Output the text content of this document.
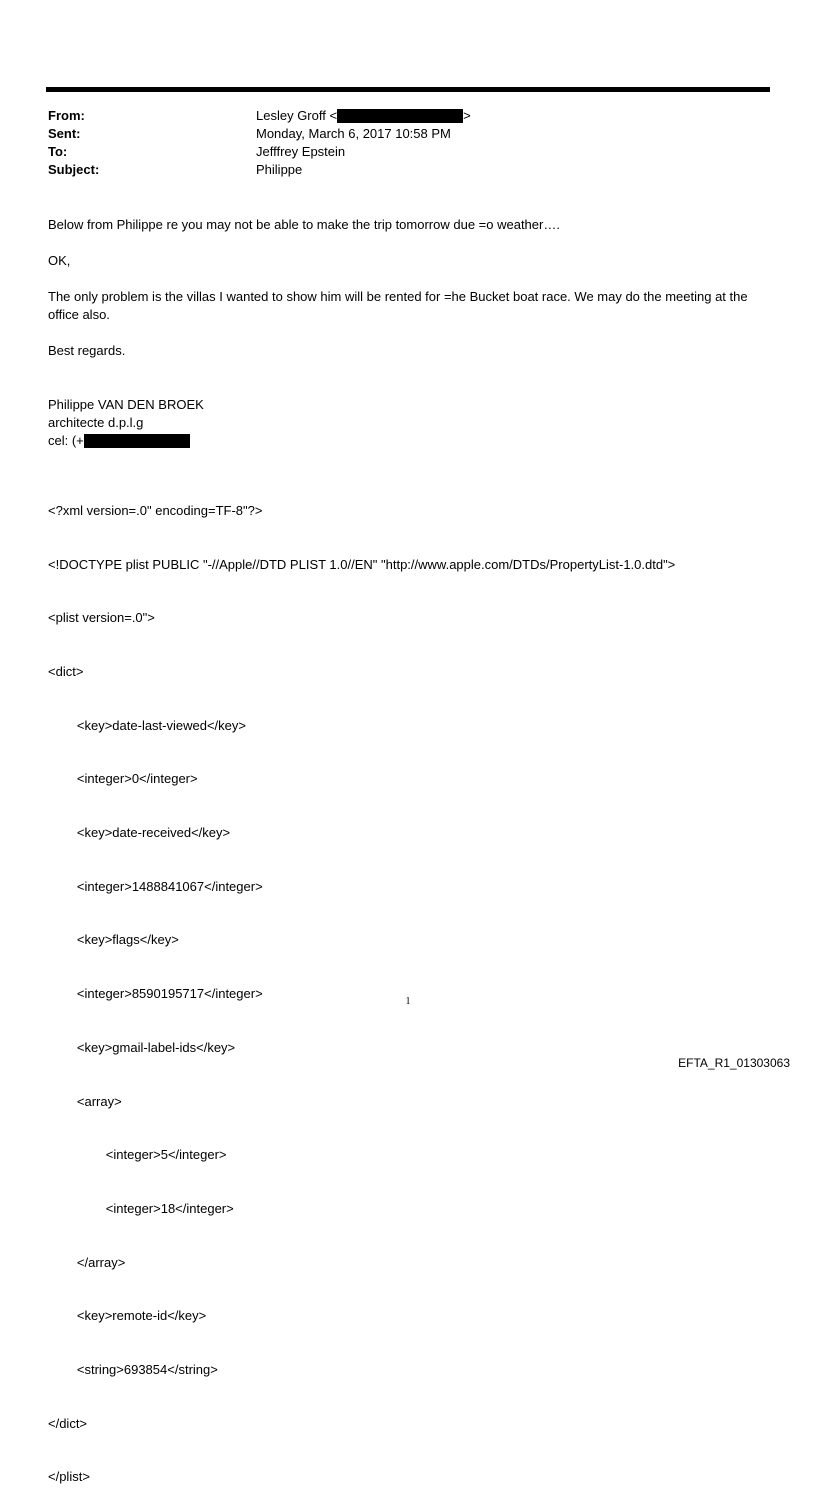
From:	Lesley Groff <	>
Sent:	Monday, March 6, 2017 10:58 PM
To:	Jefffrey Epstein
Subject:	Philippe
Below from Philippe re you may not be able to make the trip tomorrow due =o weather….
OK,
The only problem is the villas I wanted to show him will be rented for =he Bucket boat race. We may do the meeting at the office also.
Best regards.
Philippe VAN DEN BROEK
architecte d.p.l.g
cel: (+

<?xml version=.0" encoding=TF-8"?>

<!DOCTYPE plist PUBLIC "-//Apple//DTD PLIST 1.0//EN" "http://www.apple.com/DTDs/PropertyList-1.0.dtd">

<plist version=.0">

<dict>

<key>date-last-viewed</key>

<integer>0</integer>

<key>date-received</key>

<integer>1488841067</integer>

<key>flags</key>

<integer>8590195717</integer>

<key>gmail-label-ids</key>

<array>

<integer>5</integer>

<integer>18</integer>

</array>

<key>remote-id</key>

<string>693854</string>

</dict>

</plist>

1
EFTA_R1_01303063
